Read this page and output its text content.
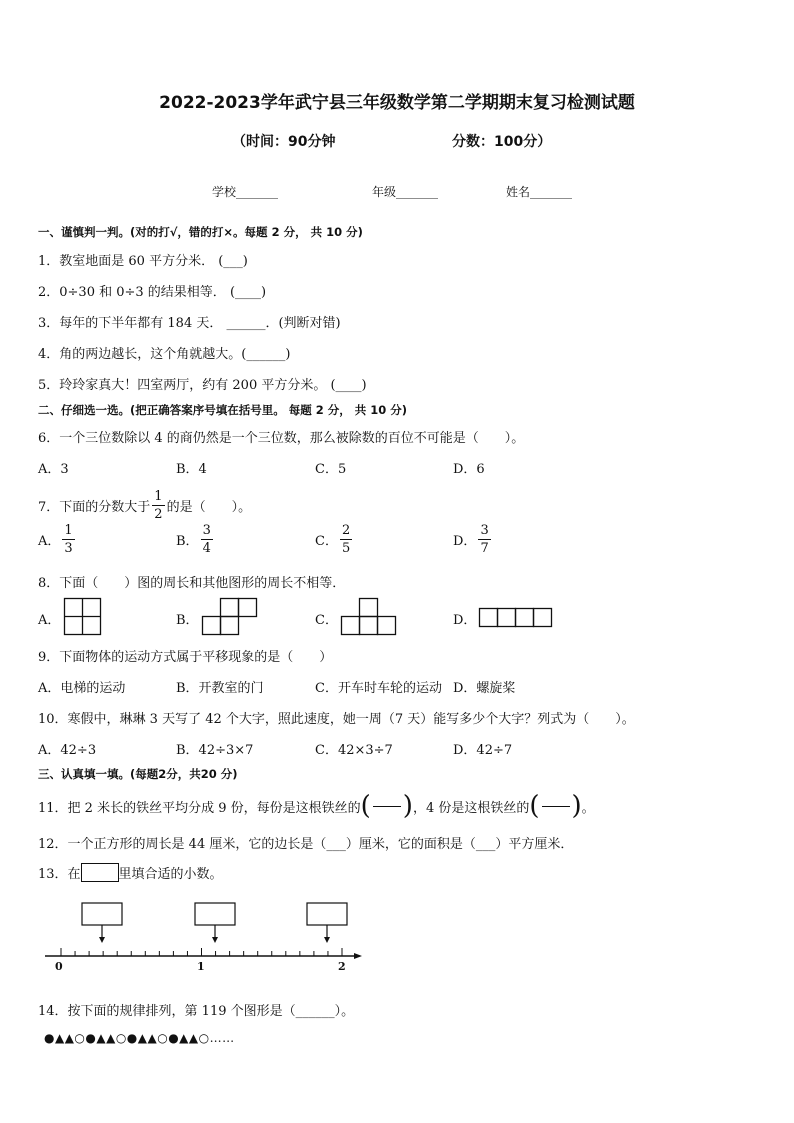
2022-2023学年武宁县三年级数学第二学期期末复习检测试题
（时间：90分钟	分数：100分）
学校_______	年级_______	姓名_______
一、谨慎判一判。(对的打√，错的打×。每题 2 分， 共 10 分)
1．教室地面是 60 平方分米． (___)
2．0÷30 和 0÷3 的结果相等． (____)
3．每年的下半年都有 184 天． ______．(判断对错)
4．角的两边越长，这个角就越大。(______)
5．玲玲家真大！四室两厅，约有 200 平方分米。 (____)
二、仔细选一选。(把正确答案序号填在括号里。 每题 2 分， 共 10 分)
6．一个三位数除以 4 的商仍然是一个三位数，那么被除数的百位不可能是（　　）。
A．3	B．4	C．5	D．6
7．下面的分数大于 $\frac{1}{2}$ 的是（　　）。
A． $\frac{1}{3}$	B． $\frac{3}{4}$	C． $\frac{2}{5}$	D． $\frac{3}{7}$
8．下面（　　）图的周长和其他图形的周长不相等．
A．	B．	C．	D．
9．下面物体的运动方式属于平移现象的是（　　）
A．电梯的运动	B．开教室的门	C．开车时车轮的运动 D．螺旋桨
10．寒假中，琳琳 3 天写了 42 个大字，照此速度，她一周（7 天）能写多少个大字？列式为（　　）。
A．42÷3	B．42÷3×7	C．42×3÷7	D．42÷7
三、认真填一填。(每题2分，共20 分)
11．把 2 米长的铁丝平均分成 9 份，每份是这根铁丝的 ( ) ，4 份是这根铁丝的 ( ) 。
12．一个正方形的周长是 44 厘米，它的边长是（___）厘米，它的面积是（___）平方厘米．
13．在	里填合适的小数。
0	1	2
14．按下面的规律排列，第 119 个图形是（______）。
●▲▲○●▲▲○●▲▲○●▲▲○……
